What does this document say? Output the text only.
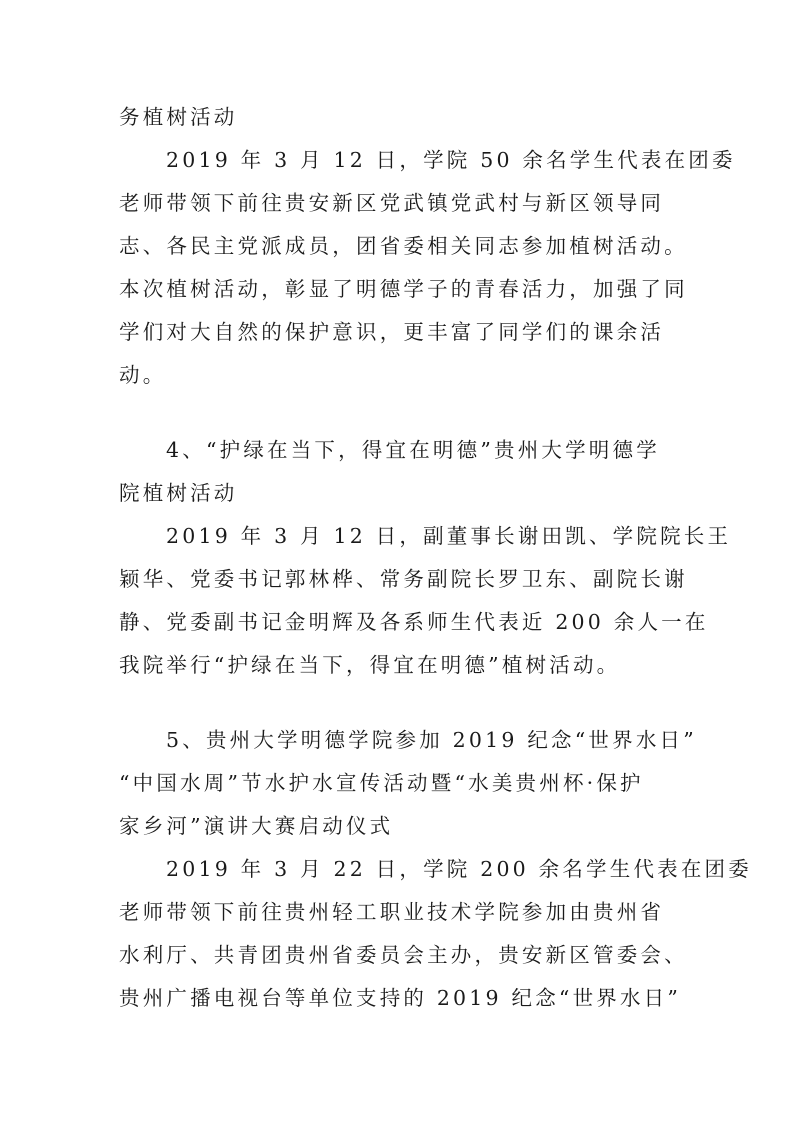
务植树活动
2019 年 3 月 12 日，学院 50 余名学生代表在团委
老师带领下前往贵安新区党武镇党武村与新区领导同
志、各民主党派成员，团省委相关同志参加植树活动。
本次植树活动，彰显了明德学子的青春活力，加强了同
学们对大自然的保护意识，更丰富了同学们的课余活
动。
4、“护绿在当下，得宜在明德”贵州大学明德学
院植树活动
2019 年 3 月 12 日，副董事长谢田凯、学院院长王
颖华、党委书记郭林桦、常务副院长罗卫东、副院长谢
静、党委副书记金明辉及各系师生代表近 200 余人一在
我院举行“护绿在当下，得宜在明德”植树活动。
5、贵州大学明德学院参加 2019 纪念“世界水日”
“中国水周”节水护水宣传活动暨“水美贵州杯·保护
家乡河”演讲大赛启动仪式
2019 年 3 月 22 日，学院 200 余名学生代表在团委
老师带领下前往贵州轻工职业技术学院参加由贵州省
水利厅、共青团贵州省委员会主办，贵安新区管委会、
贵州广播电视台等单位支持的 2019 纪念“世界水日”
